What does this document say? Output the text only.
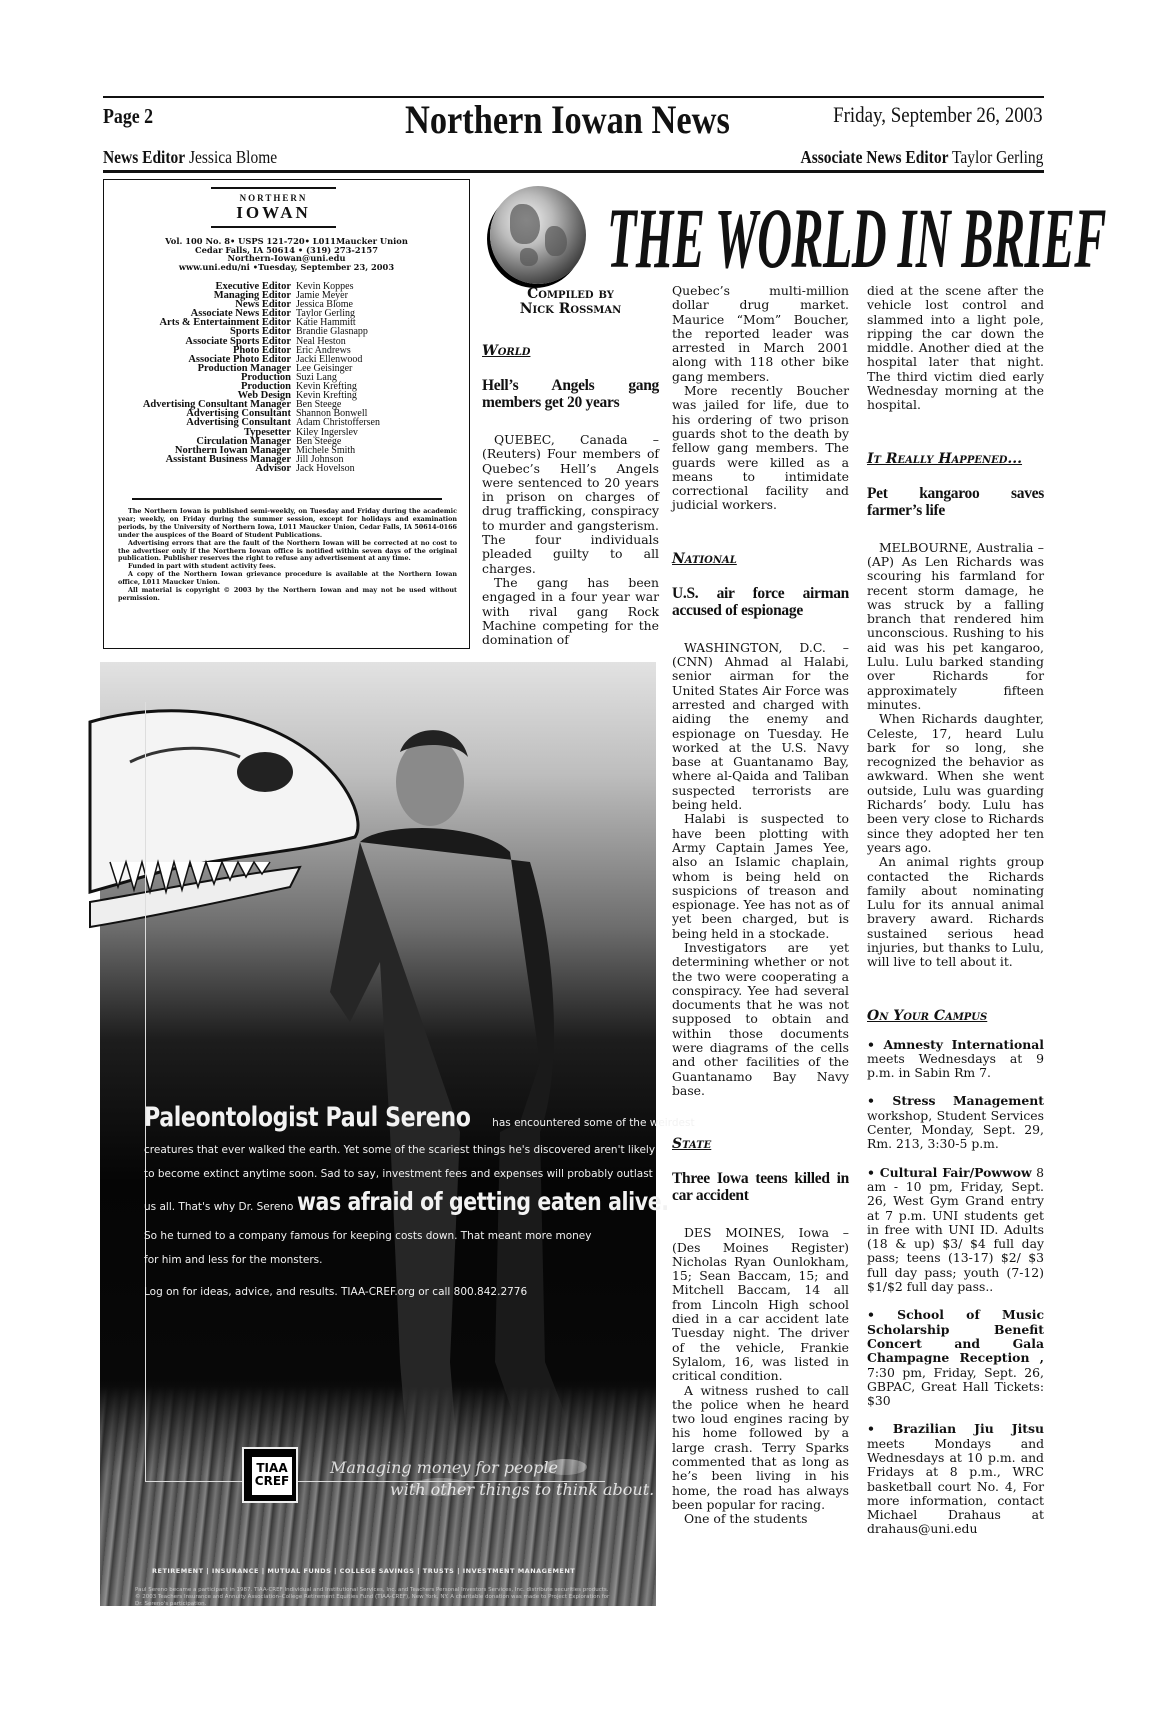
Page 2	Northern Iowan News	Friday, September 26, 2003
News Editor Jessica Blome	Associate News Editor Taylor Gerling
NORTHERN
IOWAN
Vol. 100 No. 8• USPS 121-720• L011Maucker Union
Cedar Falls, IA 50614 • (319) 273-2157
Northern-Iowan@uni.edu
www.uni.edu/ni •Tuesday, September 23, 2003
Executive Editor Kevin Koppes
Managing Editor Jamie Meyer
News Editor Jessica Blome
Associate News Editor Taylor Gerling
Arts & Entertainment Editor Katie Hammitt
Sports Editor Brandie Glasnapp
Associate Sports Editor Neal Heston
Photo Editor Eric Andrews
Associate Photo Editor Jacki Ellenwood
Production Manager Lee Geisinger
Production Suzi Lang
Production Kevin Krefting
Web Design Kevin Krefting
Advertising Consultant Manager Ben Steege
Advertising Consultant Shannon Bonwell
Advertising Consultant Adam Christoffersen
Typesetter Kiley Ingerslev
Circulation Manager Ben Steege
Northern Iowan Manager Michele Smith
Assistant Business Manager Jill Johnson
Advisor Jack Hovelson

The Northern Iowan is published semi-weekly, on Tuesday and Friday during the academic year; weekly, on Friday during the summer session, except for holidays and examination periods, by the University of Northern Iowa, L011 Maucker Union, Cedar Falls, IA 50614-0166 under the auspices of the Board of Student Publications.

Advertising errors that are the fault of the Northern Iowan will be corrected at no cost to the advertiser only if the Northern Iowan office is notified within seven days of the original publication. Publisher reserves the right to refuse any advertisement at any time.

Funded in part with student activity fees.

A copy of the Northern Iowan grievance procedure is available at the Northern Iowan office, L011 Maucker Union.

All material is copyright © 2003 by the Northern Iowan and may not be used without permission.

THE WORLD IN BRIEF
Compiled by
Nick Rossman
World
Hell’s Angels gang members get 20 years

QUEBEC, Canada – (Reuters) Four members of Quebec’s Hell’s Angels were sentenced to 20 years in prison on charges of drug trafficking, conspiracy to murder and gangsterism. The four individuals pleaded guilty to all charges.

The gang has been engaged in a four year war with rival gang Rock Machine competing for the domination of

Quebec’s multi-million dollar drug market. Maurice “Mom” Boucher, the reported leader was arrested in March 2001 along with 118 other bike gang members.

More recently Boucher was jailed for life, due to his ordering of two prison guards shot to the death by fellow gang members. The guards were killed as a means to intimidate correctional facility and judicial workers.

National
U.S. air force airman accused of espionage

WASHINGTON, D.C. – (CNN) Ahmad al Halabi, senior airman for the United States Air Force was arrested and charged with aiding the enemy and espionage on Tuesday. He worked at the U.S. Navy base at Guantanamo Bay, where al-Qaida and Taliban suspected terrorists are being held.

Halabi is suspected to have been plotting with Army Captain James Yee, also an Islamic chaplain, whom is being held on suspicions of treason and espionage. Yee has not as of yet been charged, but is being held in a stockade.

Investigators are yet determining whether or not the two were cooperating a conspiracy. Yee had several documents that he was not supposed to obtain and within those documents were diagrams of the cells and other facilities of the Guantanamo Bay Navy base.

State
Three Iowa teens killed in car accident

DES MOINES, Iowa – (Des Moines Register) Nicholas Ryan Ounlokham, 15; Sean Baccam, 15; and Mitchell Baccam, 14 all from Lincoln High school died in a car accident late Tuesday night. The driver of the vehicle, Frankie Sylalom, 16, was listed in critical condition.

A witness rushed to call the police when he heard two loud engines racing by his home followed by a large crash. Terry Sparks commented that as long as he’s been living in his home, the road has always been popular for racing.

One of the students

died at the scene after the vehicle lost control and slammed into a light pole, ripping the car down the middle. Another died at the hospital later that night. The third victim died early Wednesday morning at the hospital.

It Really Happened...
Pet kangaroo saves farmer’s life

MELBOURNE, Australia – (AP) As Len Richards was scouring his farmland for recent storm damage, he was struck by a falling branch that rendered him unconscious. Rushing to his aid was his pet kangaroo, Lulu. Lulu barked standing over Richards for approximately fifteen minutes.

When Richards daughter, Celeste, 17, heard Lulu bark for so long, she recognized the behavior as awkward. When she went outside, Lulu was guarding Richards’ body. Lulu has been very close to Richards since they adopted her ten years ago.

An animal rights group contacted the Richards family about nominating Lulu for its annual animal bravery award. Richards sustained serious head injuries, but thanks to Lulu, will live to tell about it.

On Your Campus

• Amnesty International meets Wednesdays at 9 p.m. in Sabin Rm 7.

• Stress Management workshop, Student Services Center, Monday, Sept. 29, Rm. 213, 3:30-5 p.m.

• Cultural Fair/Powwow 8 am - 10 pm, Friday, Sept. 26, West Gym Grand entry at 7 p.m. UNI students get in free with UNI ID. Adults (18 & up) $3/ $4 full day pass; teens (13-17) $2/ $3 full day pass; youth (7-12) $1/$2 full day pass..

• School of Music Scholarship Benefit Concert and Gala Champagne Reception , 7:30 pm, Friday, Sept. 26, GBPAC, Great Hall Tickets: $30

• Brazilian Jiu Jitsu meets Mondays and Wednesdays at 10 p.m. and Fridays at 8 p.m., WRC basketball court No. 4, For more information, contact Michael Drahaus at drahaus@uni.edu

Paleontologist Paul Sereno has encountered some of the weirdest
creatures that ever walked the earth. Yet some of the scariest things he's discovered aren't likely
to become extinct anytime soon. Sad to say, investment fees and expenses will probably outlast
us all. That's why Dr. Sereno was afraid of getting eaten alive.
So he turned to a company famous for keeping costs down. That meant more money
for him and less for the monsters.
Log on for ideas, advice, and results. TIAA-CREF.org or call 800.842.2776
TIAA
CREF
Managing money for people
with other things to think about.
RETIREMENT | INSURANCE | MUTUAL FUNDS | COLLEGE SAVINGS | TRUSTS | INVESTMENT MANAGEMENT
Paul Sereno became a participant in 1987. TIAA-CREF Individual and Institutional Services, Inc. and Teachers Personal Investors Services, Inc. distribute securities products. © 2003 Teachers Insurance and Annuity Association–College Retirement Equities Fund (TIAA-CREF), New York, NY. A charitable donation was made to Project Exploration for Dr. Sereno's participation.
